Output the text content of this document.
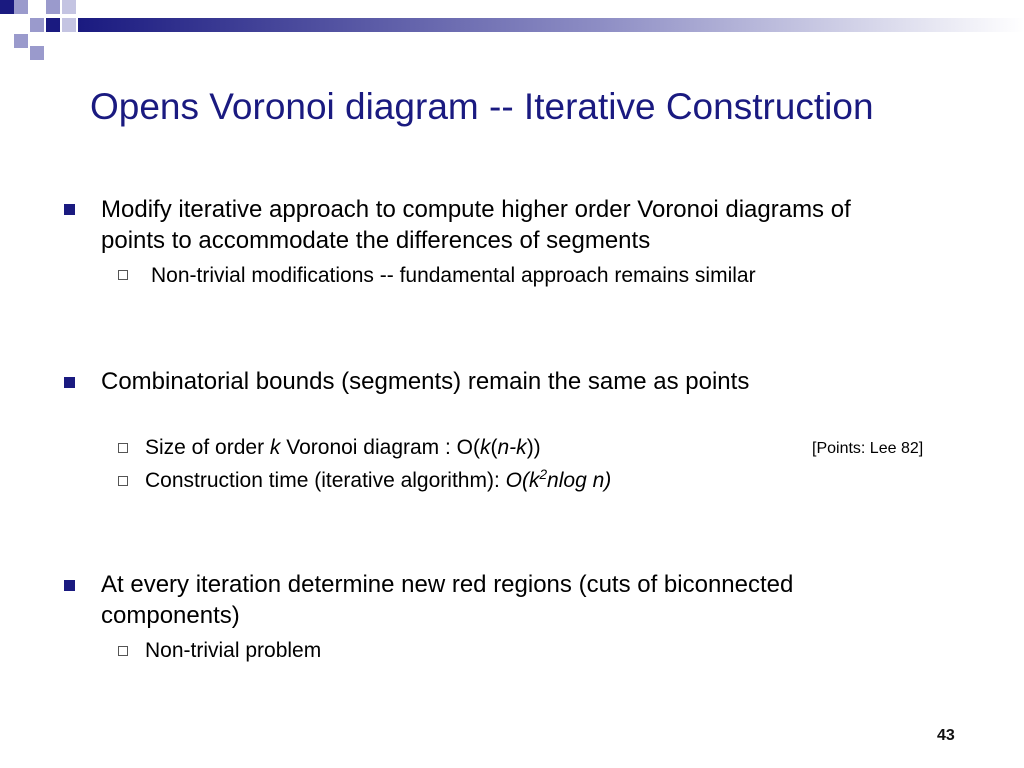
Opens Voronoi diagram -- Iterative Construction
Modify iterative approach to compute higher order Voronoi diagrams of
points to accommodate the differences of segments
Non-trivial modifications -- fundamental approach remains similar
Combinatorial bounds (segments) remain the same as points
Size of order k Voronoi diagram : O(k(n-k))	[Points: Lee 82]
Construction time (iterative algorithm): $O(k^2nlog$ n)
At every iteration determine new red regions (cuts of biconnected
components)
Non-trivial problem
43
